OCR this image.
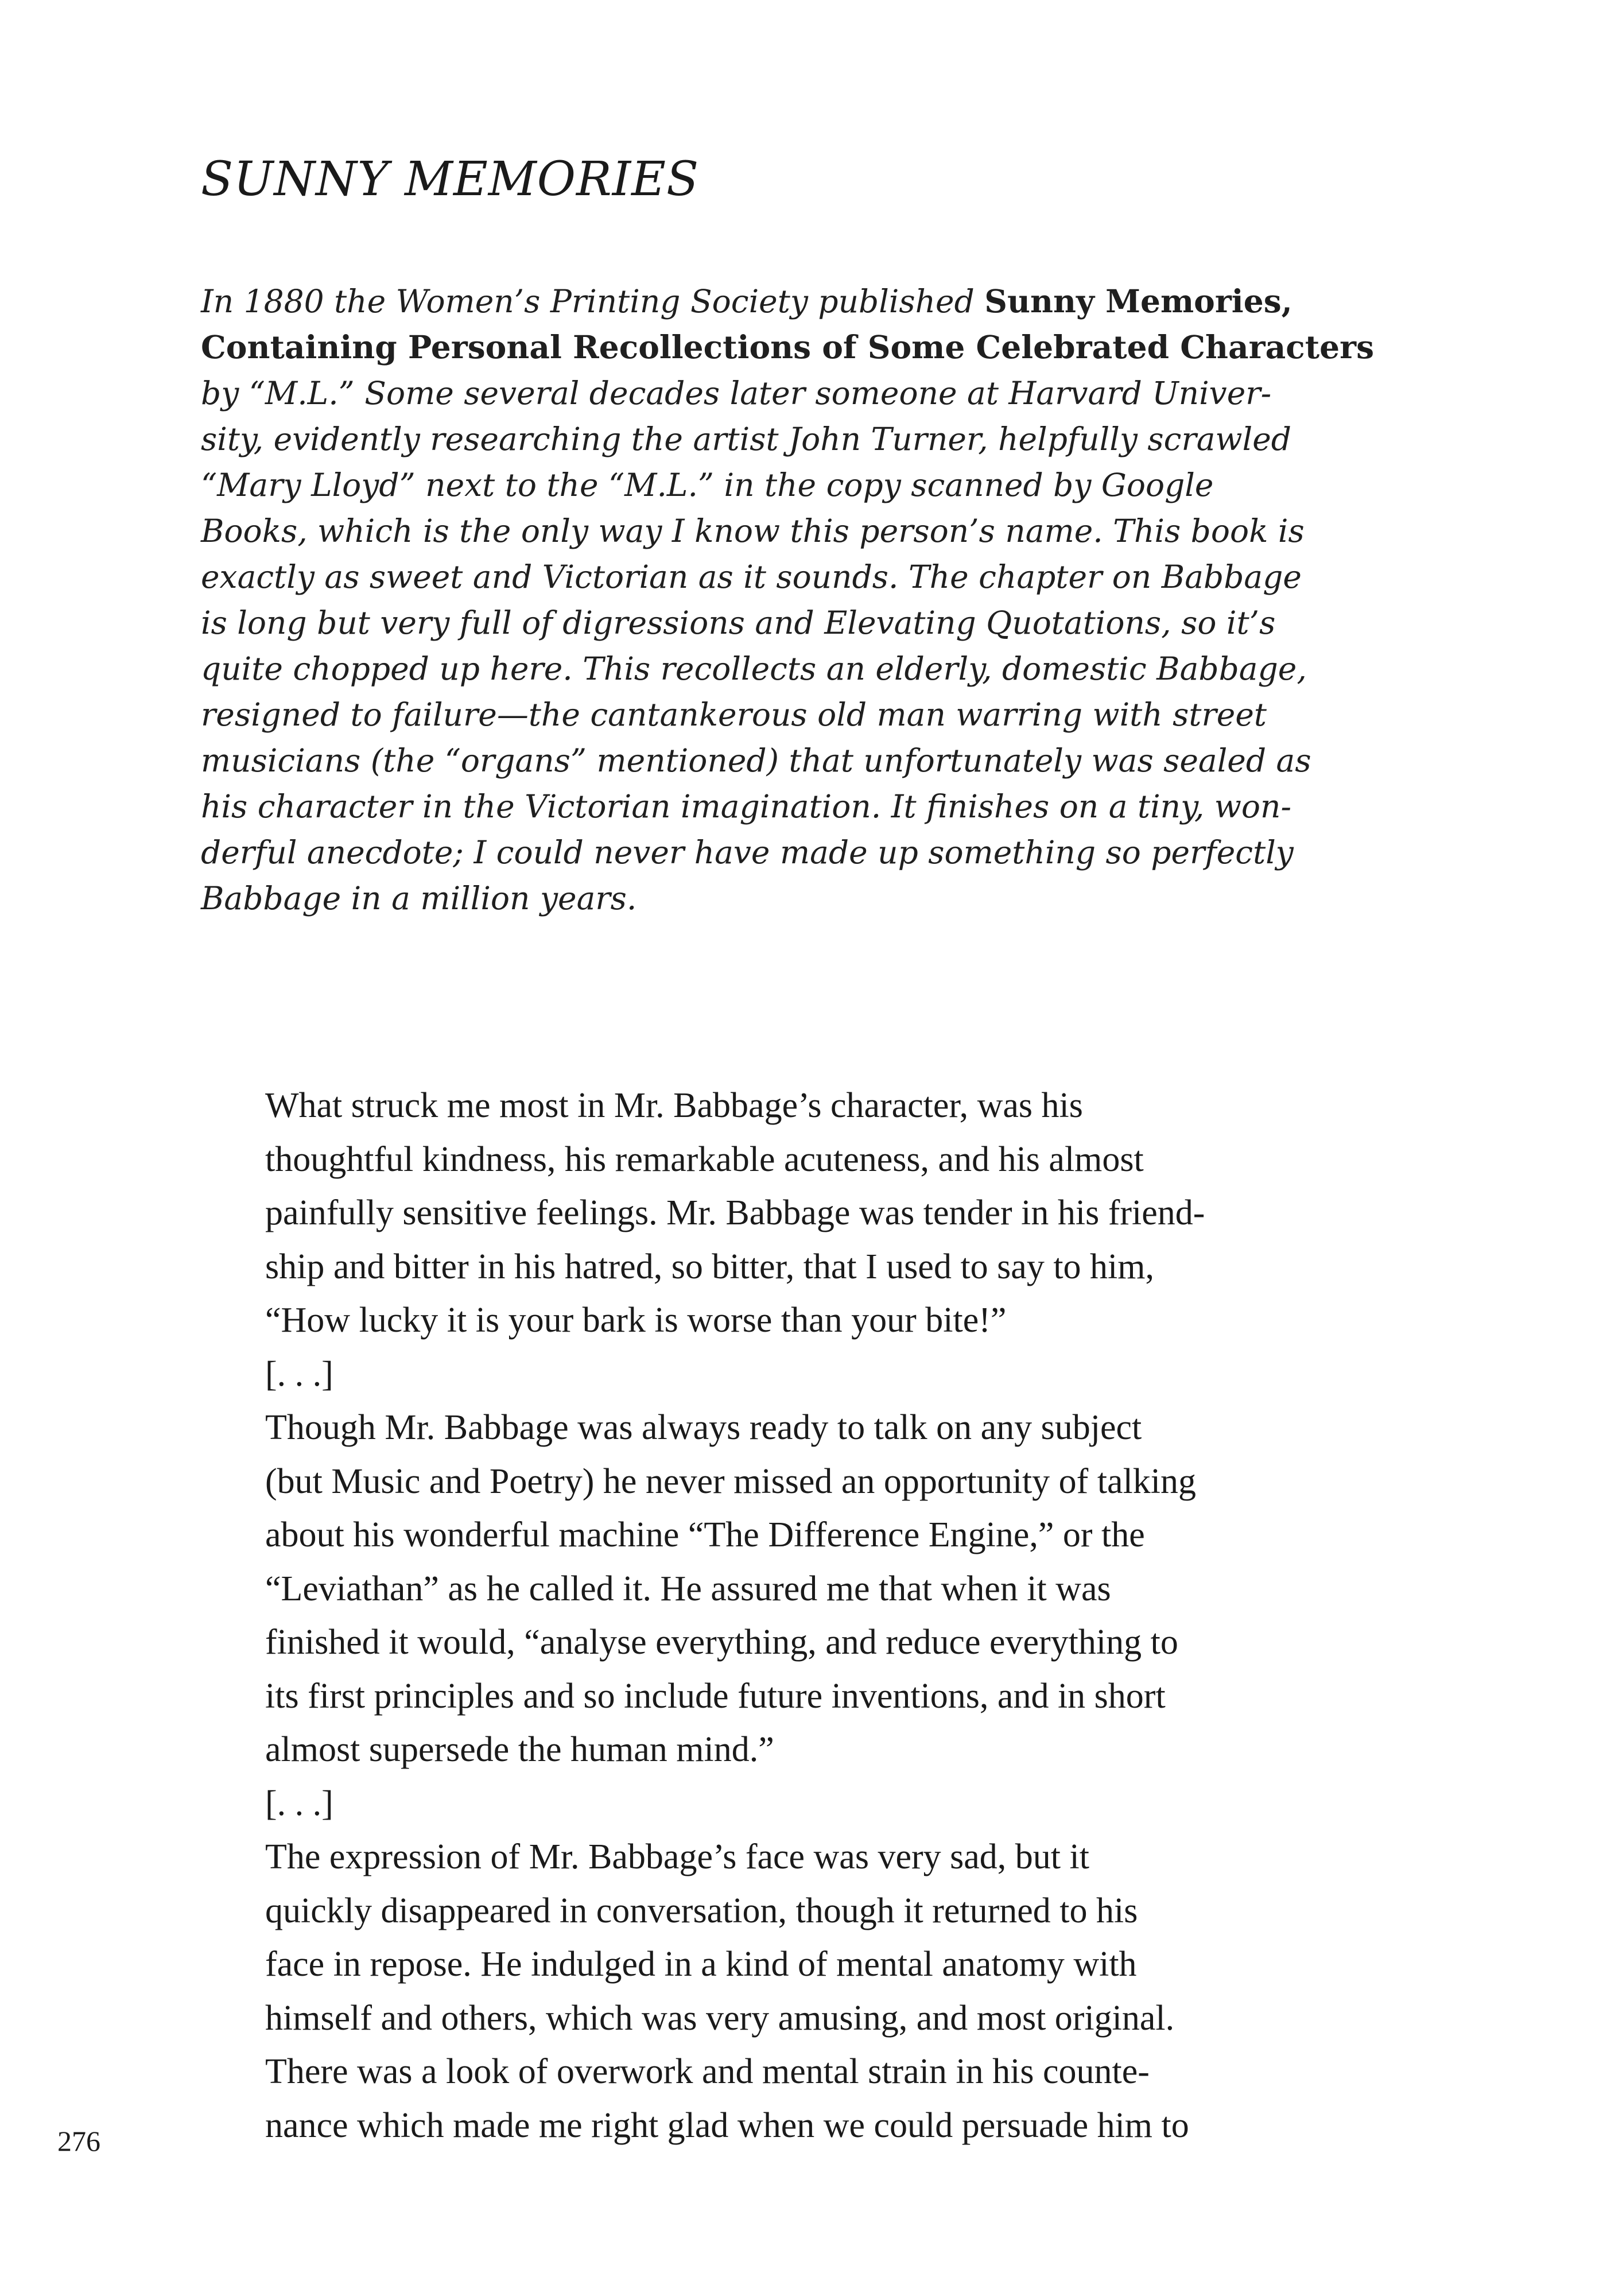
SUNNY MEMORIES
In 1880 the Women’s Printing Society published Sunny Memories,
Containing Personal Recollections of Some Celebrated Characters
by “M.L.” Some several decades later someone at Harvard Univer-
sity, evidently researching the artist John Turner, helpfully scrawled
“Mary Lloyd” next to the “M.L.” in the copy scanned by Google
Books, which is the only way I know this person’s name. This book is
exactly as sweet and Victorian as it sounds. The chapter on Babbage
is long but very full of digressions and Elevating Quotations, so it’s
quite chopped up here. This recollects an elderly, domestic Babbage,
resigned to failure—the cantankerous old man warring with street
musicians (the “organs” mentioned) that unfortunately was sealed as
his character in the Victorian imagination. It finishes on a tiny, won-
derful anecdote; I could never have made up something so perfectly
Babbage in a million years.
What struck me most in Mr. Babbage’s character, was his
thoughtful kindness, his remarkable acuteness, and his almost
painfully sensitive feelings. Mr. Babbage was tender in his friend-
ship and bitter in his hatred, so bitter, that I used to say to him,
“How lucky it is your bark is worse than your bite!”
[. . .]
Though Mr. Babbage was always ready to talk on any subject
(but Music and Poetry) he never missed an opportunity of talking
about his wonderful machine “The Difference Engine,” or the
“Leviathan” as he called it. He assured me that when it was
finished it would, “analyse everything, and reduce everything to
its first principles and so include future inventions, and in short
almost supersede the human mind.”
[. . .]
The expression of Mr. Babbage’s face was very sad, but it
quickly disappeared in conversation, though it returned to his
face in repose. He indulged in a kind of mental anatomy with
himself and others, which was very amusing, and most original.
There was a look of overwork and mental strain in his counte-
nance which made me right glad when we could persuade him to
276
